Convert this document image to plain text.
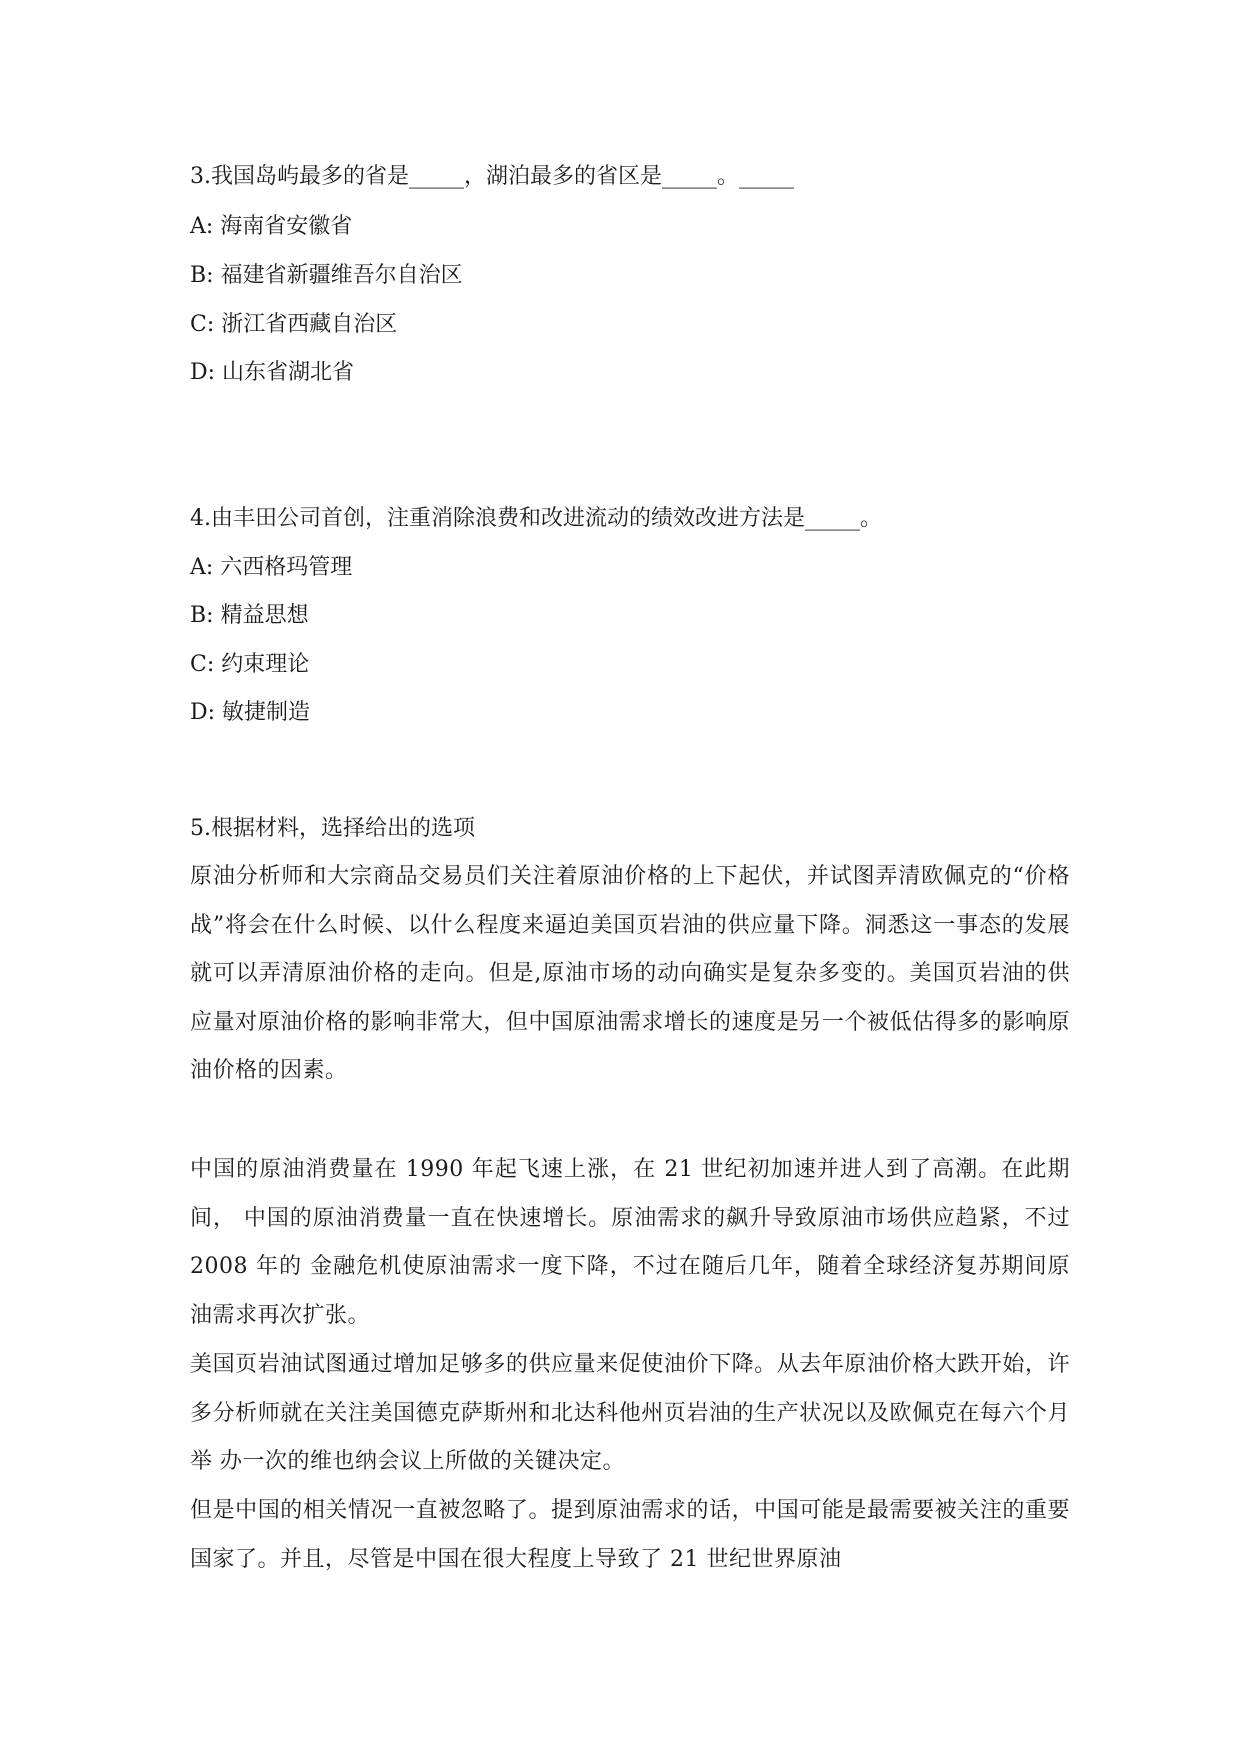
3.我国岛屿最多的省是_____，湖泊最多的省区是_____。_____
A: 海南省安徽省
B: 福建省新疆维吾尔自治区
C: 浙江省西藏自治区
D: 山东省湖北省
4.由丰田公司首创，注重消除浪费和改进流动的绩效改进方法是_____。
A: 六西格玛管理
B: 精益思想
C: 约束理论
D: 敏捷制造
5.根据材料，选择给出的选项
原油分析师和大宗商品交易员们关注着原油价格的上下起伏，并试图弄清欧佩克的“价格战”将会在什么时候、以什么程度来逼迫美国页岩油的供应量下降。洞悉这一事态的发展就可以弄清原油价格的走向。但是,原油市场的动向确实是复杂多变的。美国页岩油的供应量对原油价格的影响非常大，但中国原油需求增长的速度是另一个被低估得多的影响原油价格的因素。
中国的原油消费量在 1990 年起飞速上涨，在 21 世纪初加速并进人到了高潮。在此期间， 中国的原油消费量一直在快速增长。原油需求的飙升导致原油市场供应趋紧，不过 2008 年的 金融危机使原油需求一度下降，不过在随后几年，随着全球经济复苏期间原油需求再次扩张。
美国页岩油试图通过增加足够多的供应量来促使油价下降。从去年原油价格大跌开始，许 多分析师就在关注美国德克萨斯州和北达科他州页岩油的生产状况以及欧佩克在每六个月举 办一次的维也纳会议上所做的关键决定。
但是中国的相关情况一直被忽略了。提到原油需求的话，中国可能是最需要被关注的重要 国家了。并且，尽管是中国在很大程度上导致了 21 世纪世界原油
